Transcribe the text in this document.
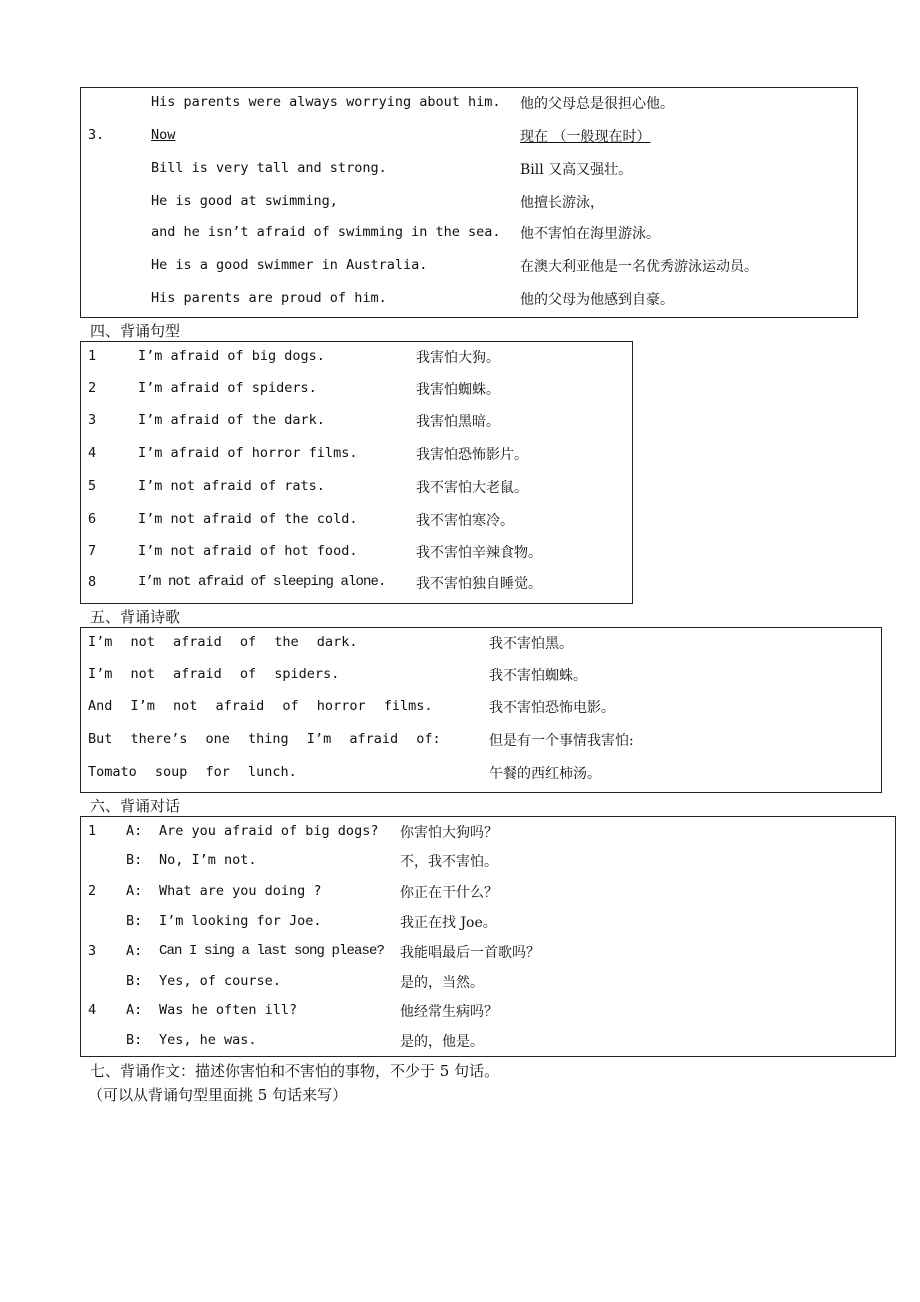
His parents were always worrying about him. 他的父母总是很担心他。
3.	Now	现在 （一般现在时）
Bill is very tall and strong.	Bill 又高又强壮。
He is good at swimming,	他擅长游泳，
and he isn’t afraid of swimming in the sea. 他不害怕在海里游泳。
He is a good swimmer in Australia.	在澳大利亚他是一名优秀游泳运动员。
His parents are proud of him.	他的父母为他感到自豪。
四、背诵句型
1	I’m afraid of big dogs.	我害怕大狗。
2	I’m afraid of spiders.	我害怕蜘蛛。
3	I’m afraid of the dark.	我害怕黑暗。
4	I’m afraid of horror films.	我害怕恐怖影片。
5	I’m not afraid of rats.	我不害怕大老鼠。
6	I’m not afraid of the cold.	我不害怕寒冷。
7	I’m not afraid of hot food.	我不害怕辛辣食物。
8	I’m not afraid of sleeping alone. 我不害怕独自睡觉。
五、背诵诗歌
I’m not afraid of the dark.	我不害怕黑。
I’m not afraid of spiders.	我不害怕蜘蛛。
And I’m not afraid of horror films.	我不害怕恐怖电影。
But there’s one thing I’m afraid of:	但是有一个事情我害怕:
Tomato soup for lunch.	午餐的西红柿汤。
六、背诵对话
1 A: Are you afraid of big dogs? 你害怕大狗吗？
B: No, I’m not.	不，我不害怕。
2 A: What are you doing ?	你正在干什么？
B: I’m looking for Joe.	我正在找 Joe。
3 A: Can I sing a last song please? 我能唱最后一首歌吗？
B: Yes, of course.	是的，当然。
4 A: Was he often ill?	他经常生病吗？
B: Yes, he was.	是的，他是。
七、背诵作文：描述你害怕和不害怕的事物，不少于 5 句话。
（可以从背诵句型里面挑 5 句话来写）
